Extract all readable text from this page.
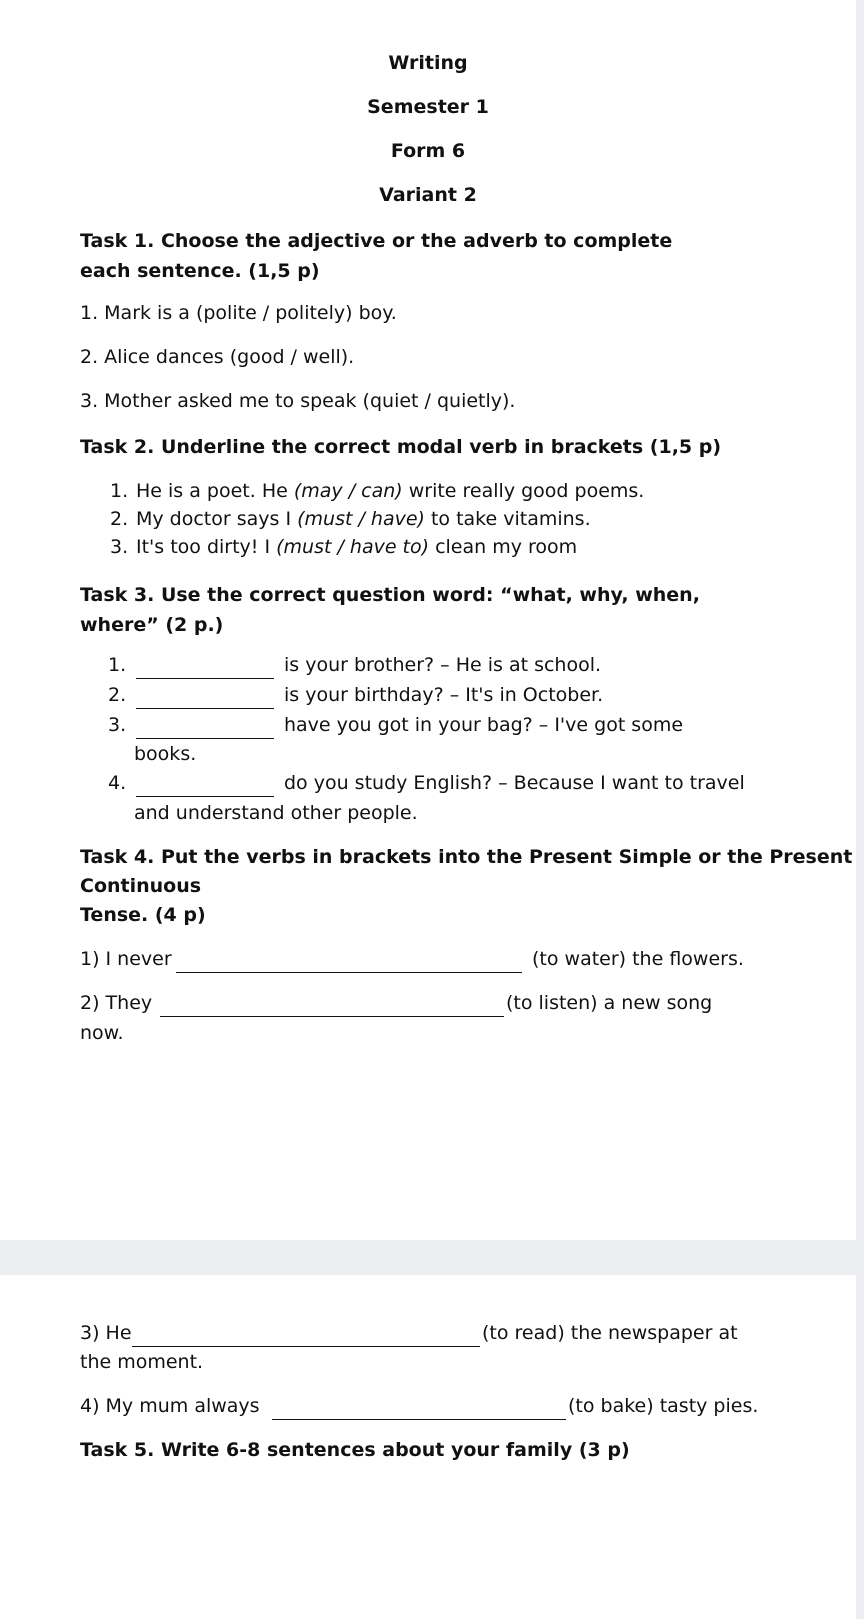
Writing
Semester 1
Form 6
Variant 2
Task 1. Choose the adjective or the adverb to complete each sentence. (1,5 p)
1. Mark is a (polite / politely) boy.
2. Alice dances (good / well).
3. Mother asked me to speak (quiet / quietly).
Task 2. Underline the correct modal verb in brackets (1,5 p)
1. He is a poet. He (may / can) write really good poems.
2. My doctor says I (must / have) to take vitamins.
3. It's too dirty! I (must / have to) clean my room
Task 3. Use the correct question word: “what, why, when, where” (2 p.)
1.	is your brother? – He is at school.
2.	is your birthday? – It's in October.
3.	have you got in your bag? – I've got some
books.
4.	do you study English? – Because I want to travel
and understand other people.
Task 4. Put the verbs in brackets into the Present Simple or the Present
Continuous
Tense. (4 p)
1) I never	(to water) the flowers.
2) They	(to listen) a new song
now.
3) He	(to read) the newspaper at
the moment.
4) My mum always	(to bake) tasty pies.
Task 5. Write 6-8 sentences about your family (3 p)
